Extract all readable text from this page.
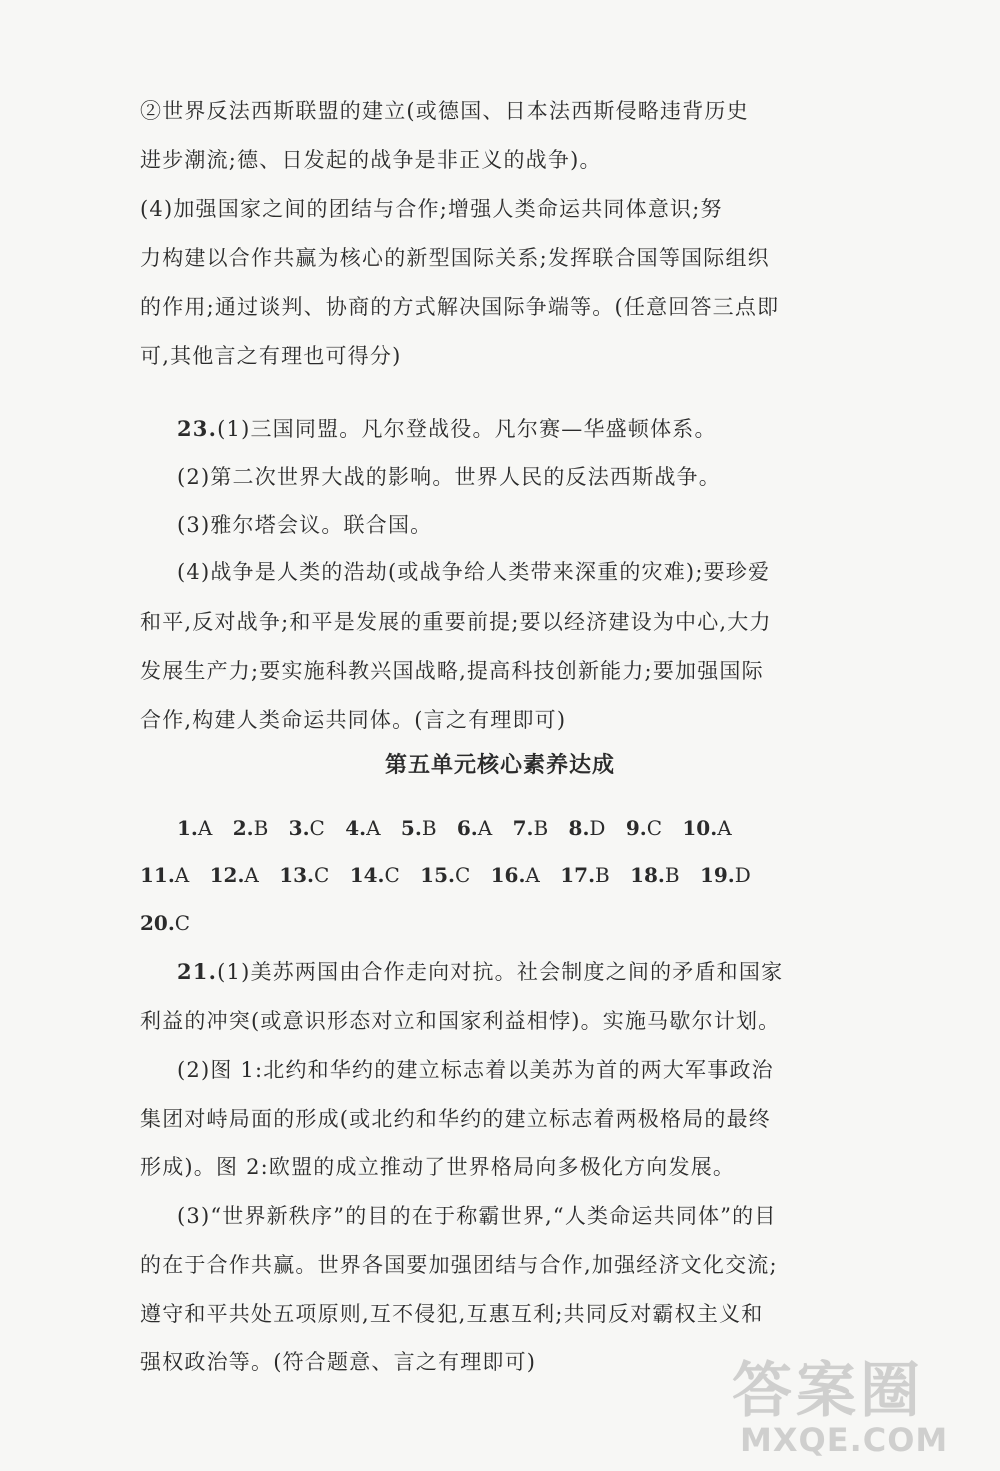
②世界反法西斯联盟的建立(或德国、日本法西斯侵略违背历史
进步潮流;德、日发起的战争是非正义的战争)。
(4)加强国家之间的团结与合作;增强人类命运共同体意识;努
力构建以合作共赢为核心的新型国际关系;发挥联合国等国际组织
的作用;通过谈判、协商的方式解决国际争端等。(任意回答三点即
可,其他言之有理也可得分)
23.(1)三国同盟。凡尔登战役。凡尔赛—华盛顿体系。
(2)第二次世界大战的影响。世界人民的反法西斯战争。
(3)雅尔塔会议。联合国。
(4)战争是人类的浩劫(或战争给人类带来深重的灾难);要珍爱
和平,反对战争;和平是发展的重要前提;要以经济建设为中心,大力
发展生产力;要实施科教兴国战略,提高科技创新能力;要加强国际
合作,构建人类命运共同体。(言之有理即可)
第五单元核心素养达成
1.A 2.B 3.C 4.A 5.B 6.A 7.B 8.D 9.C 10.A
11.A 12.A 13.C 14.C 15.C 16.A 17.B 18.B 19.D
20.C
21.(1)美苏两国由合作走向对抗。社会制度之间的矛盾和国家
利益的冲突(或意识形态对立和国家利益相悖)。实施马歇尔计划。
(2)图 1:北约和华约的建立标志着以美苏为首的两大军事政治
集团对峙局面的形成(或北约和华约的建立标志着两极格局的最终
形成)。图 2:欧盟的成立推动了世界格局向多极化方向发展。
(3)“世界新秩序”的目的在于称霸世界,“人类命运共同体”的目
的在于合作共赢。世界各国要加强团结与合作,加强经济文化交流;
遵守和平共处五项原则,互不侵犯,互惠互利;共同反对霸权主义和
强权政治等。(符合题意、言之有理即可)	答案圈
MXQE.COM
